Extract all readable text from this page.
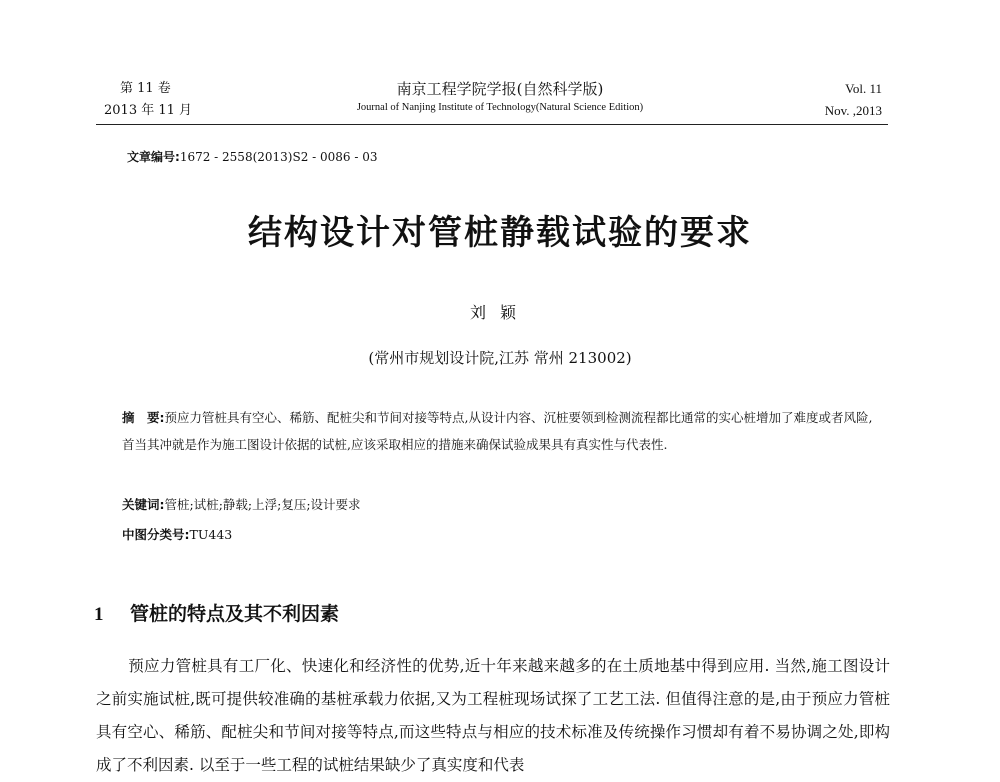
第 11 卷
2013 年 11 月
南京工程学院学报(自然科学版)
Journal of Nanjing Institute of Technology(Natural Science Edition)
Vol. 11
Nov. ,2013
文章编号:1672 - 2558(2013)S2 - 0086 - 03
结构设计对管桩静载试验的要求
刘颖
(常州市规划设计院,江苏 常州 213002)
摘　要:预应力管桩具有空心、稀筋、配桩尖和节间对接等特点,从设计内容、沉桩要领到检测流程都比通常的实心桩增加了难度或者风险,首当其冲就是作为施工图设计依据的试桩,应该采取相应的措施来确保试验成果具有真实性与代表性.
关键词:管桩;试桩;静载;上浮;复压;设计要求
中图分类号:TU443
1 管桩的特点及其不利因素
预应力管桩具有工厂化、快速化和经济性的优势,近十年来越来越多的在土质地基中得到应用. 当然,施工图设计之前实施试桩,既可提供较准确的基桩承载力依据,又为工程桩现场试探了工艺工法. 但值得注意的是,由于预应力管桩具有空心、稀筋、配桩尖和节间对接等特点,而这些特点与相应的技术标准及传统操作习惯却有着不易协调之处,即构成了不利因素. 以至于一些工程的试桩结果缺少了真实度和代表
